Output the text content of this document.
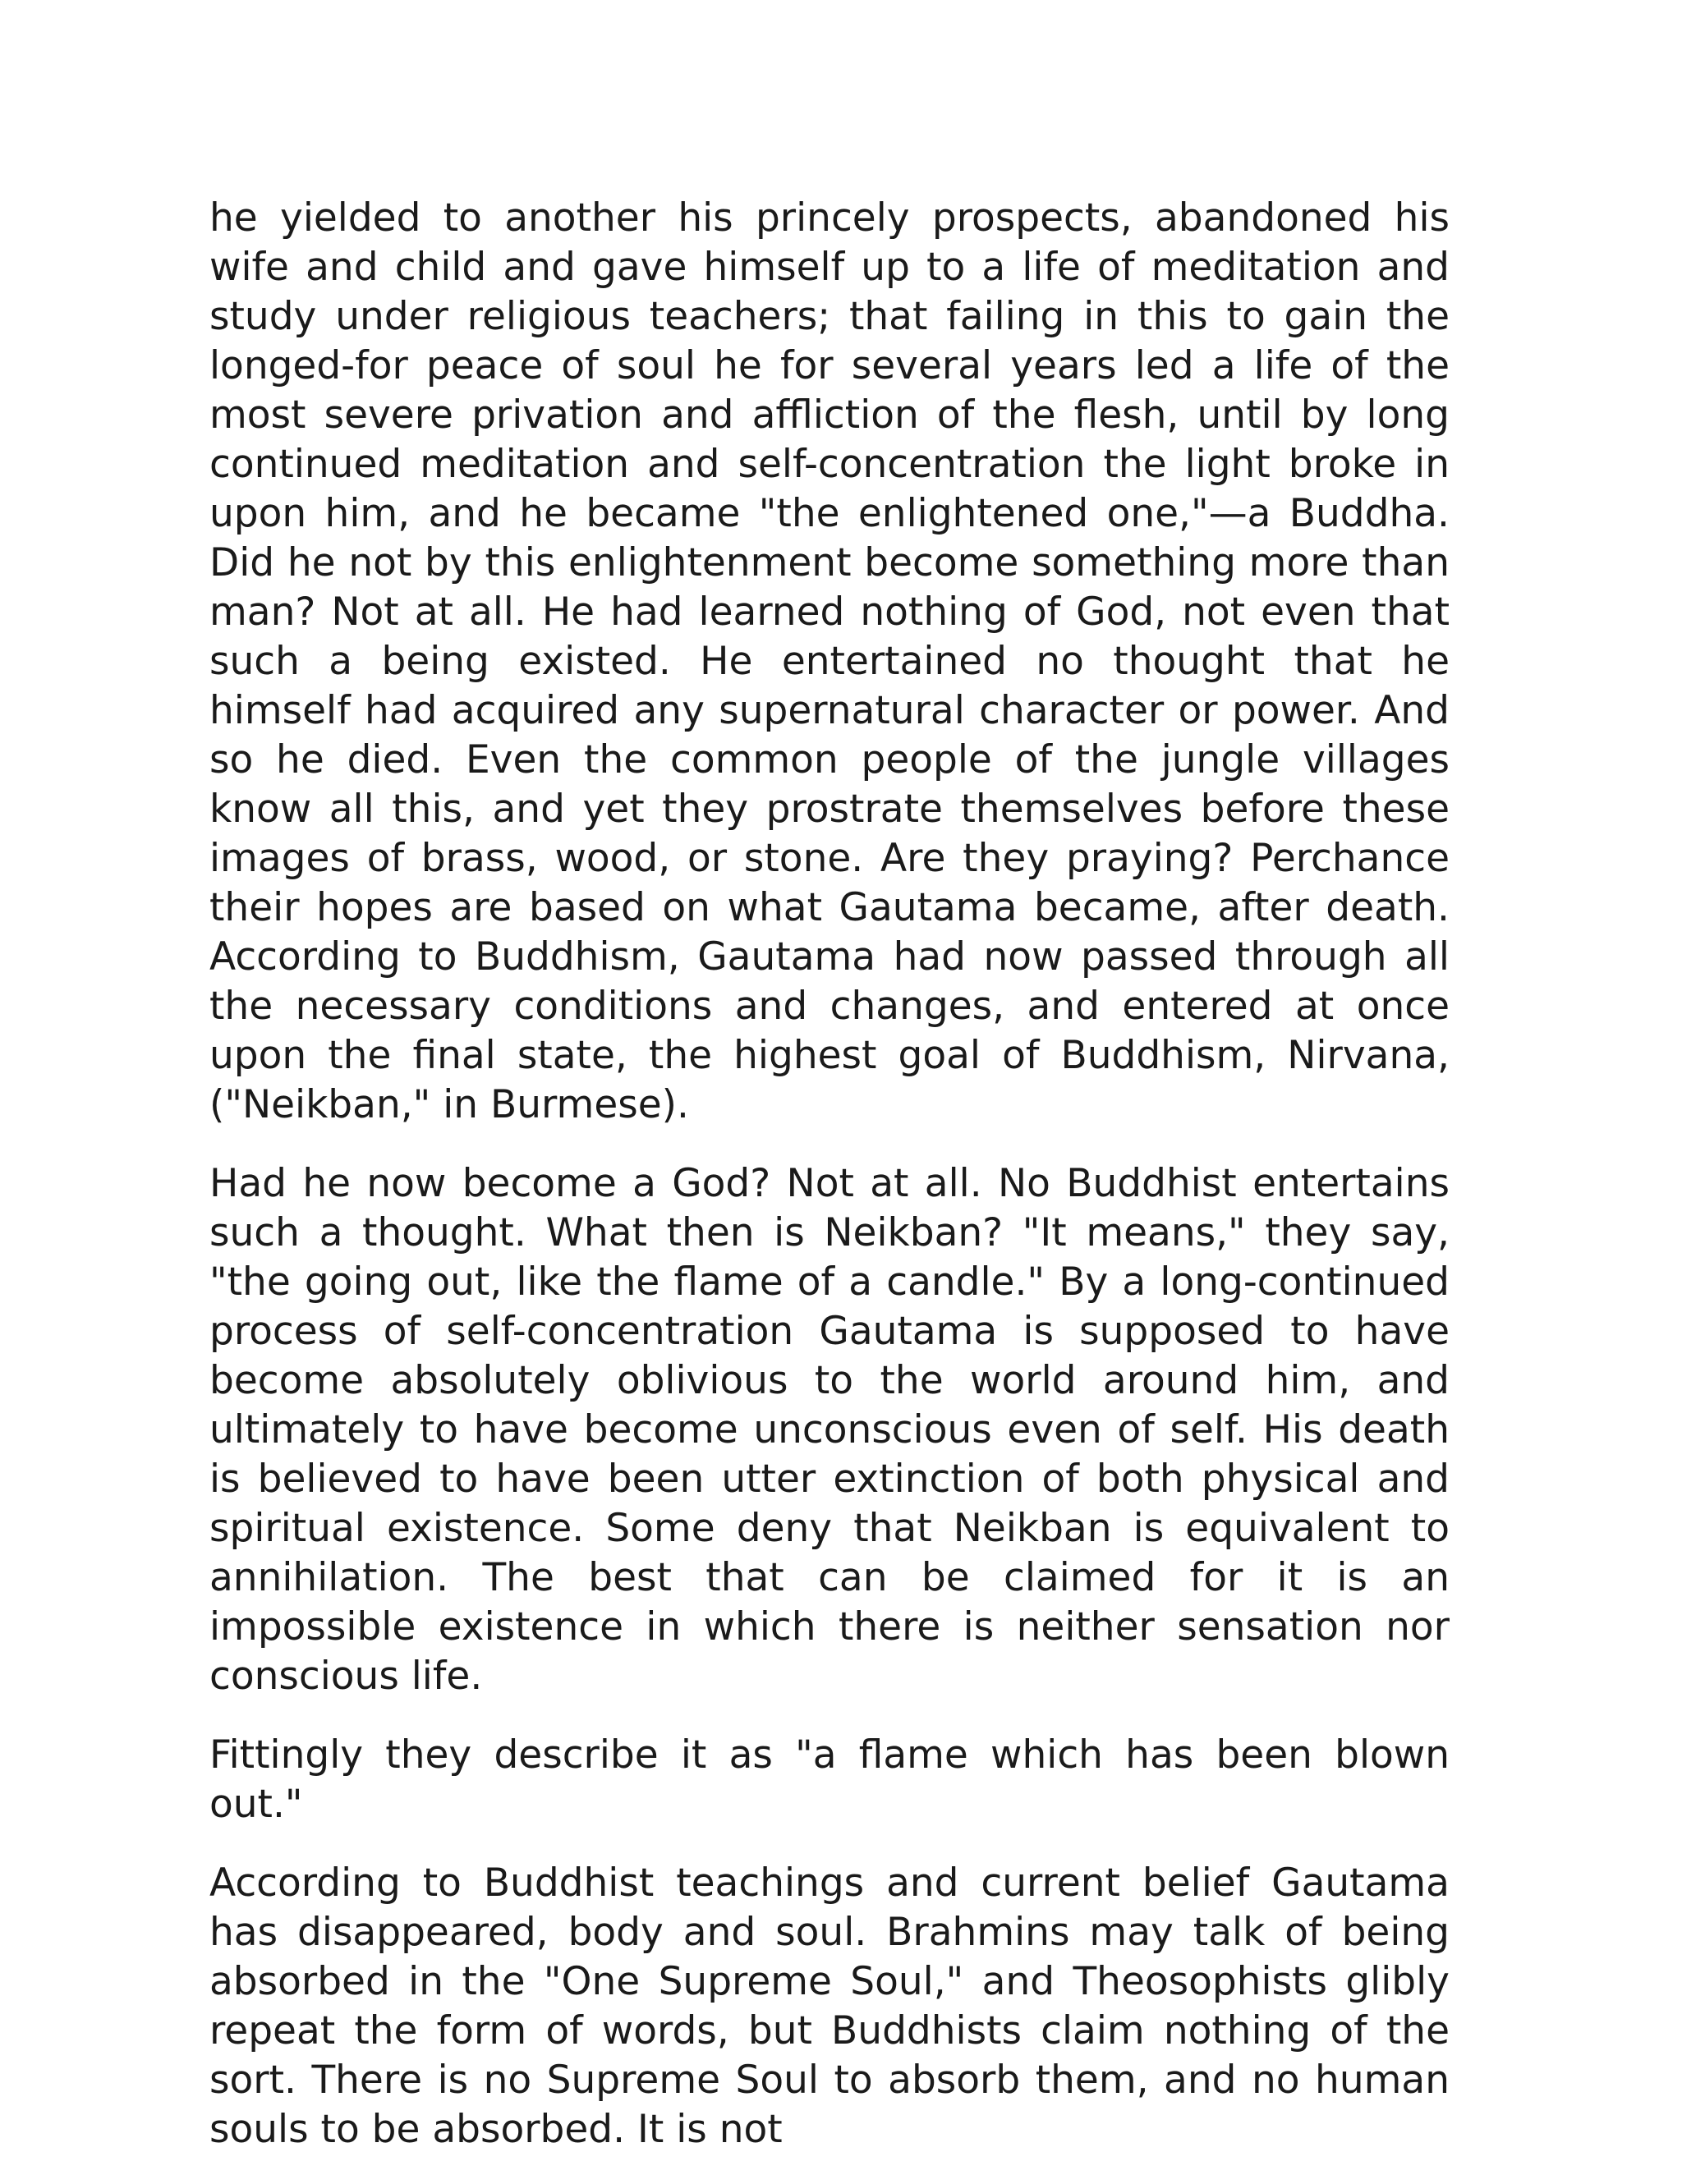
he yielded to another his princely prospects, abandoned his wife and child and gave himself up to a life of meditation and study under religious teachers; that failing in this to gain the longed-for peace of soul he for several years led a life of the most severe privation and affliction of the flesh, until by long continued meditation and self-concentration the light broke in upon him, and he became "the enlightened one,"—a Buddha. Did he not by this enlightenment become something more than man? Not at all. He had learned nothing of God, not even that such a being existed. He entertained no thought that he himself had acquired any supernatural character or power. And so he died. Even the common people of the jungle villages know all this, and yet they prostrate themselves before these images of brass, wood, or stone. Are they praying? Perchance their hopes are based on what Gautama became, after death. According to Buddhism, Gautama had now passed through all the necessary conditions and changes, and entered at once upon the final state, the highest goal of Buddhism, Nirvana, ("Neikban," in Burmese).

Had he now become a God? Not at all. No Buddhist entertains such a thought. What then is Neikban? "It means," they say, "the going out, like the flame of a candle." By a long-continued process of self-concentration Gautama is supposed to have become absolutely oblivious to the world around him, and ultimately to have become unconscious even of self. His death is believed to have been utter extinction of both physical and spiritual existence. Some deny that Neikban is equivalent to annihilation. The best that can be claimed for it is an impossible existence in which there is neither sensation nor conscious life.

Fittingly they describe it as "a flame which has been blown out."

According to Buddhist teachings and current belief Gautama has disappeared, body and soul. Brahmins may talk of being absorbed in the "One Supreme Soul," and Theosophists glibly repeat the form of words, but Buddhists claim nothing of the sort. There is no Supreme Soul to absorb them, and no human souls to be absorbed. It is not
